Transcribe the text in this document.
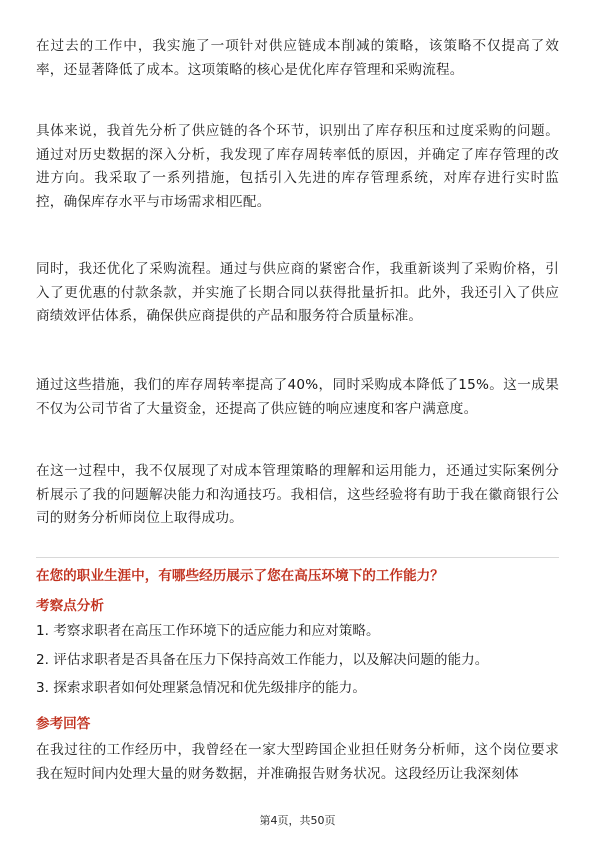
在过去的工作中，我实施了一项针对供应链成本削减的策略，该策略不仅提高了效率，还显著降低了成本。这项策略的核心是优化库存管理和采购流程。

具体来说，我首先分析了供应链的各个环节，识别出了库存积压和过度采购的问题。通过对历史数据的深入分析，我发现了库存周转率低的原因，并确定了库存管理的改进方向。我采取了一系列措施，包括引入先进的库存管理系统，对库存进行实时监控，确保库存水平与市场需求相匹配。

同时，我还优化了采购流程。通过与供应商的紧密合作，我重新谈判了采购价格，引入了更优惠的付款条款，并实施了长期合同以获得批量折扣。此外，我还引入了供应商绩效评估体系，确保供应商提供的产品和服务符合质量标准。

通过这些措施，我们的库存周转率提高了40%，同时采购成本降低了15%。这一成果不仅为公司节省了大量资金，还提高了供应链的响应速度和客户满意度。

在这一过程中，我不仅展现了对成本管理策略的理解和运用能力，还通过实际案例分析展示了我的问题解决能力和沟通技巧。我相信，这些经验将有助于我在徽商银行公司的财务分析师岗位上取得成功。

在您的职业生涯中，有哪些经历展示了您在高压环境下的工作能力？

考察点分析

1. 考察求职者在高压工作环境下的适应能力和应对策略。
2. 评估求职者是否具备在压力下保持高效工作能力，以及解决问题的能力。
3. 探索求职者如何处理紧急情况和优先级排序的能力。

参考回答

在我过往的工作经历中，我曾经在一家大型跨国企业担任财务分析师，这个岗位要求我在短时间内处理大量的财务数据，并准确报告财务状况。这段经历让我深刻体

第4页，共50页
